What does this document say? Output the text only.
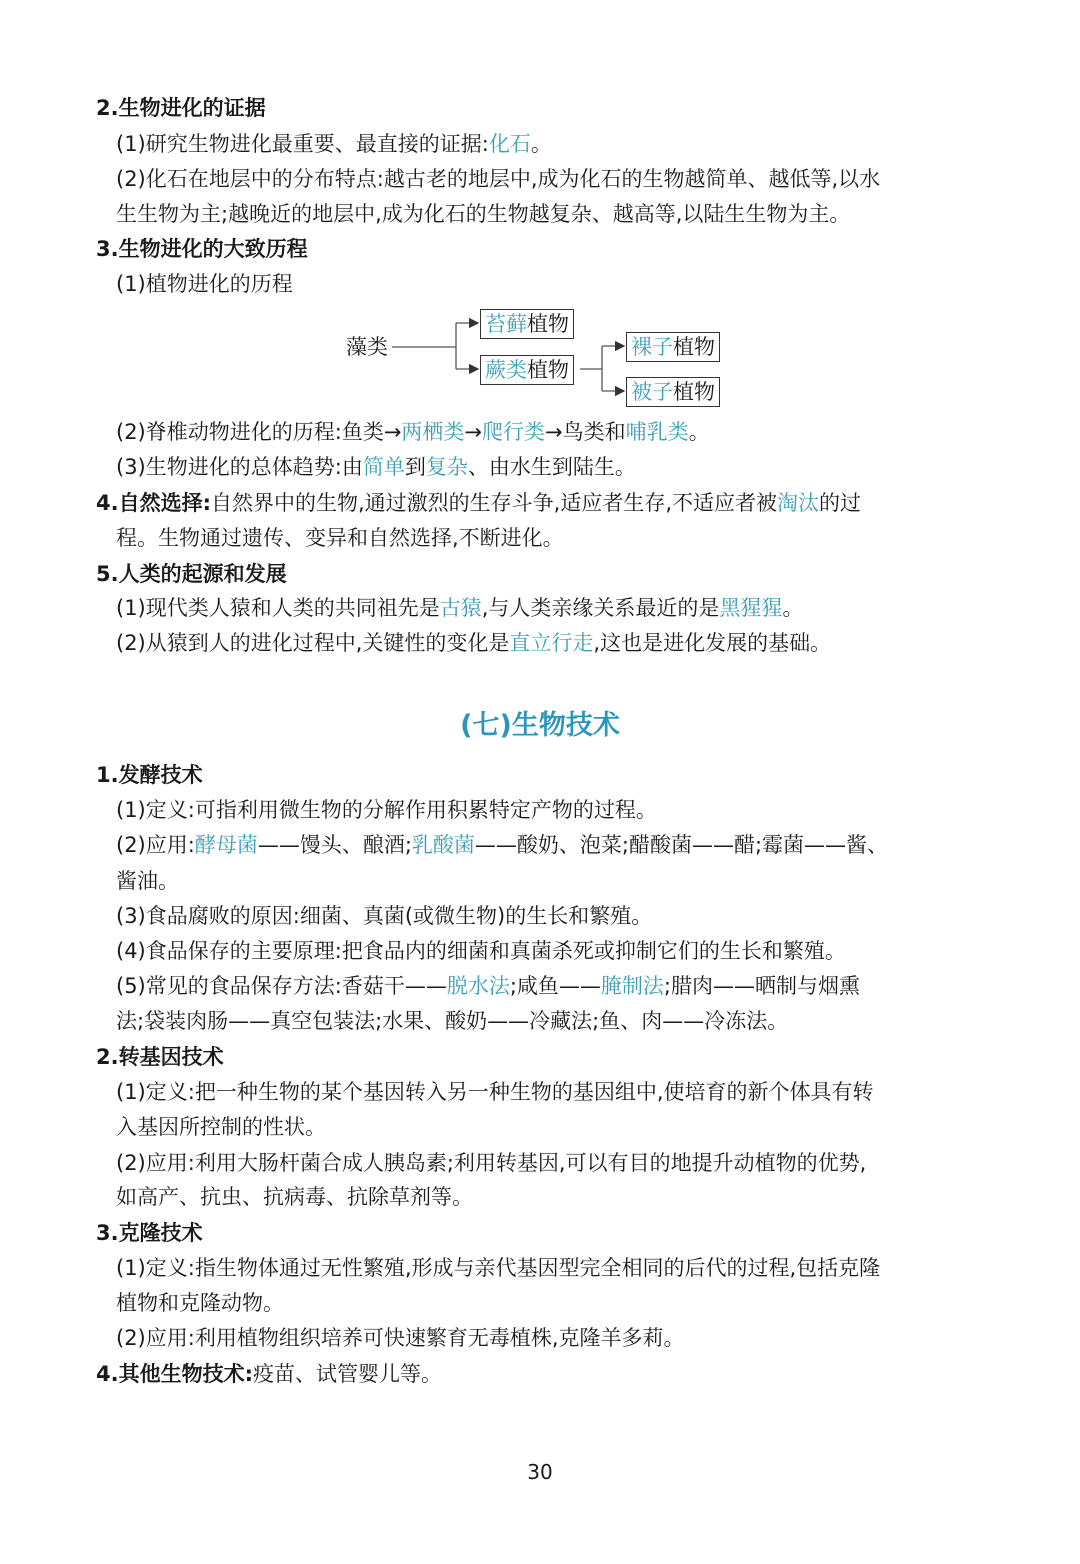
2.生物进化的证据
(1)研究生物进化最重要、最直接的证据:化石。
(2)化石在地层中的分布特点:越古老的地层中,成为化石的生物越简单、越低等,以水
生生物为主;越晚近的地层中,成为化石的生物越复杂、越高等,以陆生生物为主。
3.生物进化的大致历程
(1)植物进化的历程
藻类
苔藓植物
蕨类植物
裸子植物
被子植物
(2)脊椎动物进化的历程:鱼类→两栖类→爬行类→鸟类和哺乳类。
(3)生物进化的总体趋势:由简单到复杂、由水生到陆生。
4.自然选择:自然界中的生物,通过激烈的生存斗争,适应者生存,不适应者被淘汰的过
程。生物通过遗传、变异和自然选择,不断进化。
5.人类的起源和发展
(1)现代类人猿和人类的共同祖先是古猿,与人类亲缘关系最近的是黑猩猩。
(2)从猿到人的进化过程中,关键性的变化是直立行走,这也是进化发展的基础。
(七)生物技术
1.发酵技术
(1)定义:可指利用微生物的分解作用积累特定产物的过程。
(2)应用:酵母菌——馒头、酿酒;乳酸菌——酸奶、泡菜;醋酸菌——醋;霉菌——酱、
酱油。
(3)食品腐败的原因:细菌、真菌(或微生物)的生长和繁殖。
(4)食品保存的主要原理:把食品内的细菌和真菌杀死或抑制它们的生长和繁殖。
(5)常见的食品保存方法:香菇干——脱水法;咸鱼——腌制法;腊肉——晒制与烟熏
法;袋装肉肠——真空包装法;水果、酸奶——冷藏法;鱼、肉——冷冻法。
2.转基因技术
(1)定义:把一种生物的某个基因转入另一种生物的基因组中,使培育的新个体具有转
入基因所控制的性状。
(2)应用:利用大肠杆菌合成人胰岛素;利用转基因,可以有目的地提升动植物的优势,
如高产、抗虫、抗病毒、抗除草剂等。
3.克隆技术
(1)定义:指生物体通过无性繁殖,形成与亲代基因型完全相同的后代的过程,包括克隆
植物和克隆动物。
(2)应用:利用植物组织培养可快速繁育无毒植株,克隆羊多莉。
4.其他生物技术:疫苗、试管婴儿等。
30
